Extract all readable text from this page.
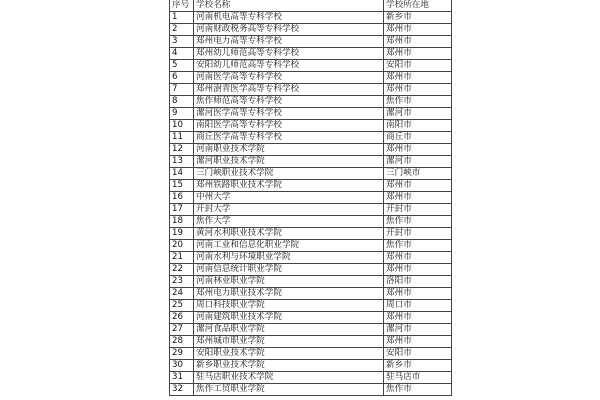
序号	学校名称	学校所在地
1	河南机电高等专科学校	新乡市
2	河南财政税务高等专科学校	郑州市
3	郑州电力高等专科学校	郑州市
4	郑州幼儿师范高等专科学校	郑州市
5	安阳幼儿师范高等专科学校	安阳市
6	河南医学高等专科学校	郑州市
7	郑州澍青医学高等专科学校	郑州市
8	焦作师范高等专科学校	焦作市
9	漯河医学高等专科学校	漯河市
10	南阳医学高等专科学校	南阳市
11	商丘医学高等专科学校	商丘市
12	河南职业技术学院	郑州市
13	漯河职业技术学院	漯河市
14	三门峡职业技术学院	三门峡市
15	郑州铁路职业技术学院	郑州市
16	中州大学	郑州市
17	开封大学	开封市
18	焦作大学	焦作市
19	黄河水利职业技术学院	开封市
20	河南工业和信息化职业学院	焦作市
21	河南水利与环境职业学院	郑州市
22	河南信息统计职业学院	郑州市
23	河南林业职业学院	洛阳市
24	郑州电力职业技术学院	郑州市
25	周口科技职业学院	周口市
26	河南建筑职业技术学院	郑州市
27	漯河食品职业学院	漯河市
28	郑州城市职业学院	郑州市
29	安阳职业技术学院	安阳市
30	新乡职业技术学院	新乡市
31	驻马店职业技术学院	驻马店市
32	焦作工贸职业学院	焦作市
